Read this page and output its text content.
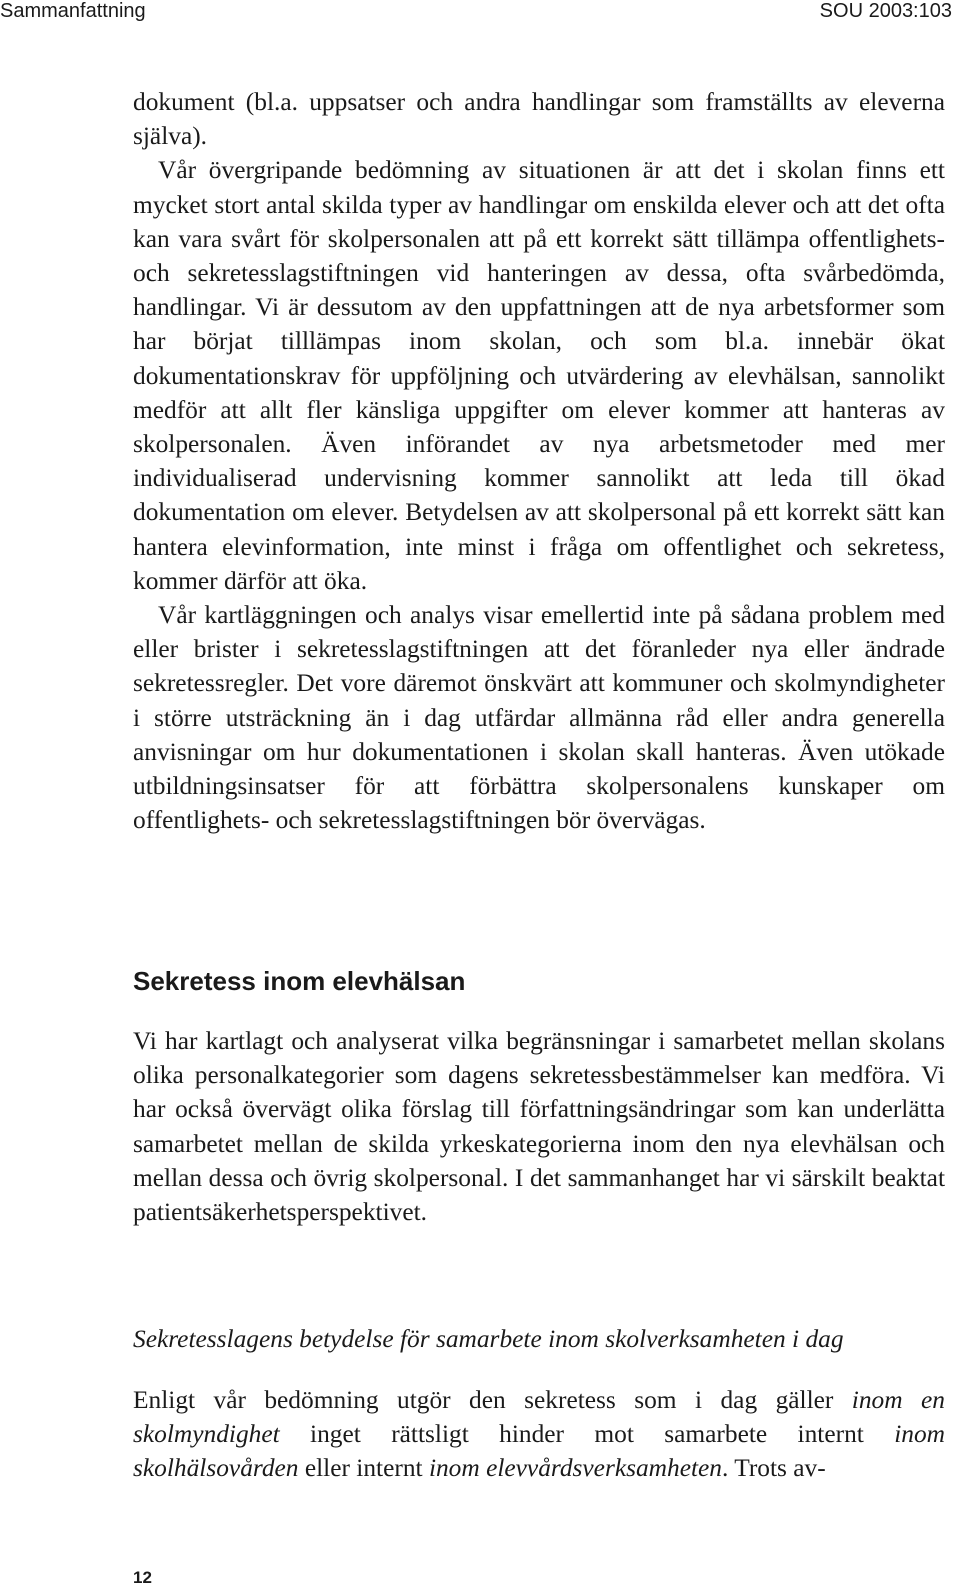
Sammanfattning	SOU 2003:103

dokument (bl.a. uppsatser och andra handlingar som framställts av eleverna själva).

Vår övergripande bedömning av situationen är att det i skolan finns ett mycket stort antal skilda typer av handlingar om enskilda elever och att det ofta kan vara svårt för skolpersonalen att på ett korrekt sätt tillämpa offentlighets- och sekretesslagstiftningen vid hanteringen av dessa, ofta svårbedömda, handlingar. Vi är dessutom av den uppfattningen att de nya arbetsformer som har börjat tilllämpas inom skolan, och som bl.a. innebär ökat dokumentationskrav för uppföljning och utvärdering av elevhälsan, sannolikt medför att allt fler känsliga uppgifter om elever kommer att hanteras av skolpersonalen. Även införandet av nya arbetsmetoder med mer individualiserad undervisning kommer sannolikt att leda till ökad dokumentation om elever. Betydelsen av att skolpersonal på ett korrekt sätt kan hantera elevinformation, inte minst i fråga om offentlighet och sekretess, kommer därför att öka.

Vår kartläggningen och analys visar emellertid inte på sådana problem med eller brister i sekretesslagstiftningen att det föranleder nya eller ändrade sekretessregler. Det vore däremot önskvärt att kommuner och skolmyndigheter i större utsträckning än i dag utfärdar allmänna råd eller andra generella anvisningar om hur dokumentationen i skolan skall hanteras. Även utökade utbildningsinsatser för att förbättra skolpersonalens kunskaper om offentlighets- och sekretesslagstiftningen bör övervägas.

Sekretess inom elevhälsan

Vi har kartlagt och analyserat vilka begränsningar i samarbetet mellan skolans olika personalkategorier som dagens sekretessbestämmelser kan medföra. Vi har också övervägt olika förslag till författningsändringar som kan underlätta samarbetet mellan de skilda yrkeskategorierna inom den nya elevhälsan och mellan dessa och övrig skolpersonal. I det sammanhanget har vi särskilt beaktat patientsäkerhetsperspektivet.

Sekretesslagens betydelse för samarbete inom skolverksamheten i dag

Enligt vår bedömning utgör den sekretess som i dag gäller inom en skolmyndighet inget rättsligt hinder mot samarbete internt inom skolhälsovården eller internt inom elevvårdsverksamheten. Trots av-

12
